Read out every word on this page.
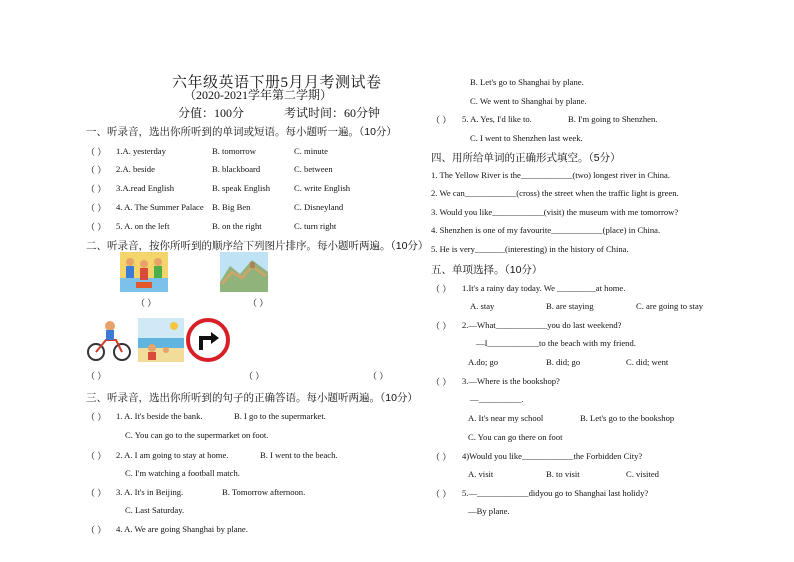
六年级英语下册5月月考测试卷
（2020-2021学年第二学期）
分值：100分	考试时间：60分钟
一、听录音，选出你所听到的单词或短语。每小题听一遍。（10分）
（ ） 1.A. yesterday	B. tomorrow	C. minute
（ ） 2.A. beside	B. blackboard	C. between
（ ） 3.A.read English	B. speak English	C. write English
（ ） 4. A. The Summer Palace B. Big Ben	C. Disneyland
（ ） 5. A. on the left	B. on the right	C. turn right
二、听录音，按你所听到的顺序给下列图片排序。每小题听两遍。（10分）
（ ）	（ ）
（ ）	（ ）	（ ）
三、听录音，选出你所听到的句子的正确答语。每小题听两遍。（10分）
（ ） 1. A. It's beside the bank.	B. I go to the supermarket.
C. You can go to the supermarket on foot.
（ ） 2. A. I am going to stay at home.	B. I went to the beach.
C. I'm watching a football match.
（ ） 3. A. It's in Beijing.	B. Tomorrow afternoon.
C. Last Saturday.
（ ） 4. A. We are going Shanghai by plane.
B. Let's go to Shanghai by plane.
C. We went to Shanghai by plane.
（ ） 5. A. Yes, I'd like to.	B. I'm going to Shenzhen.
C. I went to Shenzhen last week.
四、用所给单词的正确形式填空。（5分）
1. The Yellow River is the____________(two) longest river in China.
2. We can____________(cross) the street when the traffic light is green.
3. Would you like____________(visit) the museum with me tomorrow?
4. Shenzhen is one of my favourite____________(place) in China.
5. He is very_______(interesting) in the history of China.
五、单项选择。（10分）
（ ） 1.It's a rainy day today. We _________at home.
A. stay	B. are staying	C. are going to stay
（ ） 2.—What____________you do last weekend?
—I____________to the beach with my friend.
A.do; go	B. did; go	C. did; went
（ ） 3.—Where is the bookshop?
—__________.
A. It's near my school	B. Let's go to the bookshop
C. You can go there on foot
（ ） 4)Would you like____________the Forbidden City?
A. visit	B. to visit	C. visited
（ ） 5.—____________didyou go to Shanghai last holidy?
—By plane.
